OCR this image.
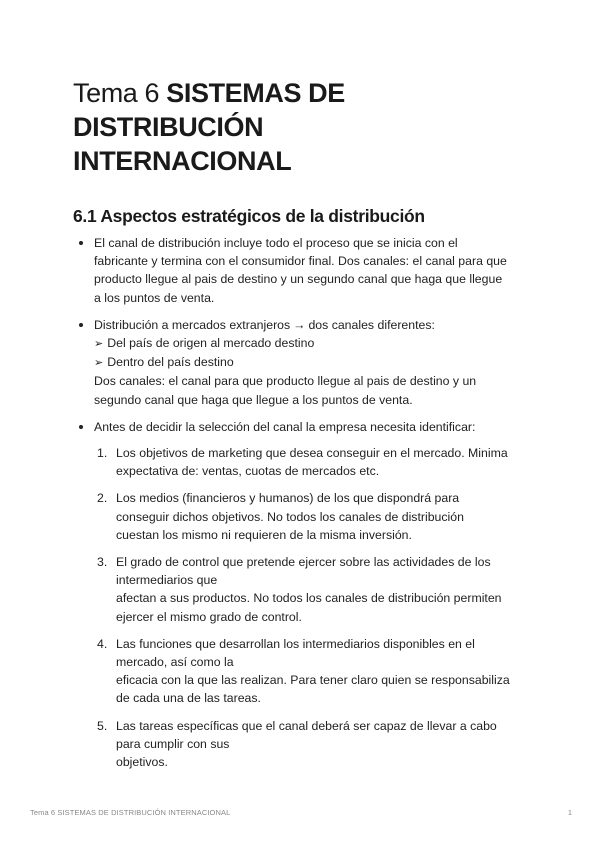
Tema 6 SISTEMAS DE
DISTRIBUCIÓN
INTERNACIONAL
6.1 Aspectos estratégicos de la distribución
El canal de distribución incluye todo el proceso que se inicia con el
fabricante y termina con el consumidor final. Dos canales: el canal para que
producto llegue al pais de destino y un segundo canal que haga que llegue
a los puntos de venta.
Distribución a mercados extranjeros → dos canales diferentes:
➢ Del país de origen al mercado destino
➢ Dentro del país destino
Dos canales: el canal para que producto llegue al pais de destino y un
segundo canal que haga que llegue a los puntos de venta.
Antes de decidir la selección del canal la empresa necesita identificar:
1. Los objetivos de marketing que desea conseguir en el mercado. Minima
expectativa de: ventas, cuotas de mercados etc.
2. Los medios (financieros y humanos) de los que dispondrá para
conseguir dichos objetivos. No todos los canales de distribución
cuestan los mismo ni requieren de la misma inversión.
3. El grado de control que pretende ejercer sobre las actividades de los
intermediarios que
afectan a sus productos. No todos los canales de distribución permiten
ejercer el mismo grado de control.
4. Las funciones que desarrollan los intermediarios disponibles en el
mercado, así como la
eficacia con la que las realizan. Para tener claro quien se responsabiliza
de cada una de las tareas.
5. Las tareas específicas que el canal deberá ser capaz de llevar a cabo
para cumplir con sus
objetivos.
Tema 6 SISTEMAS DE DISTRIBUCIÓN INTERNACIONAL	1
